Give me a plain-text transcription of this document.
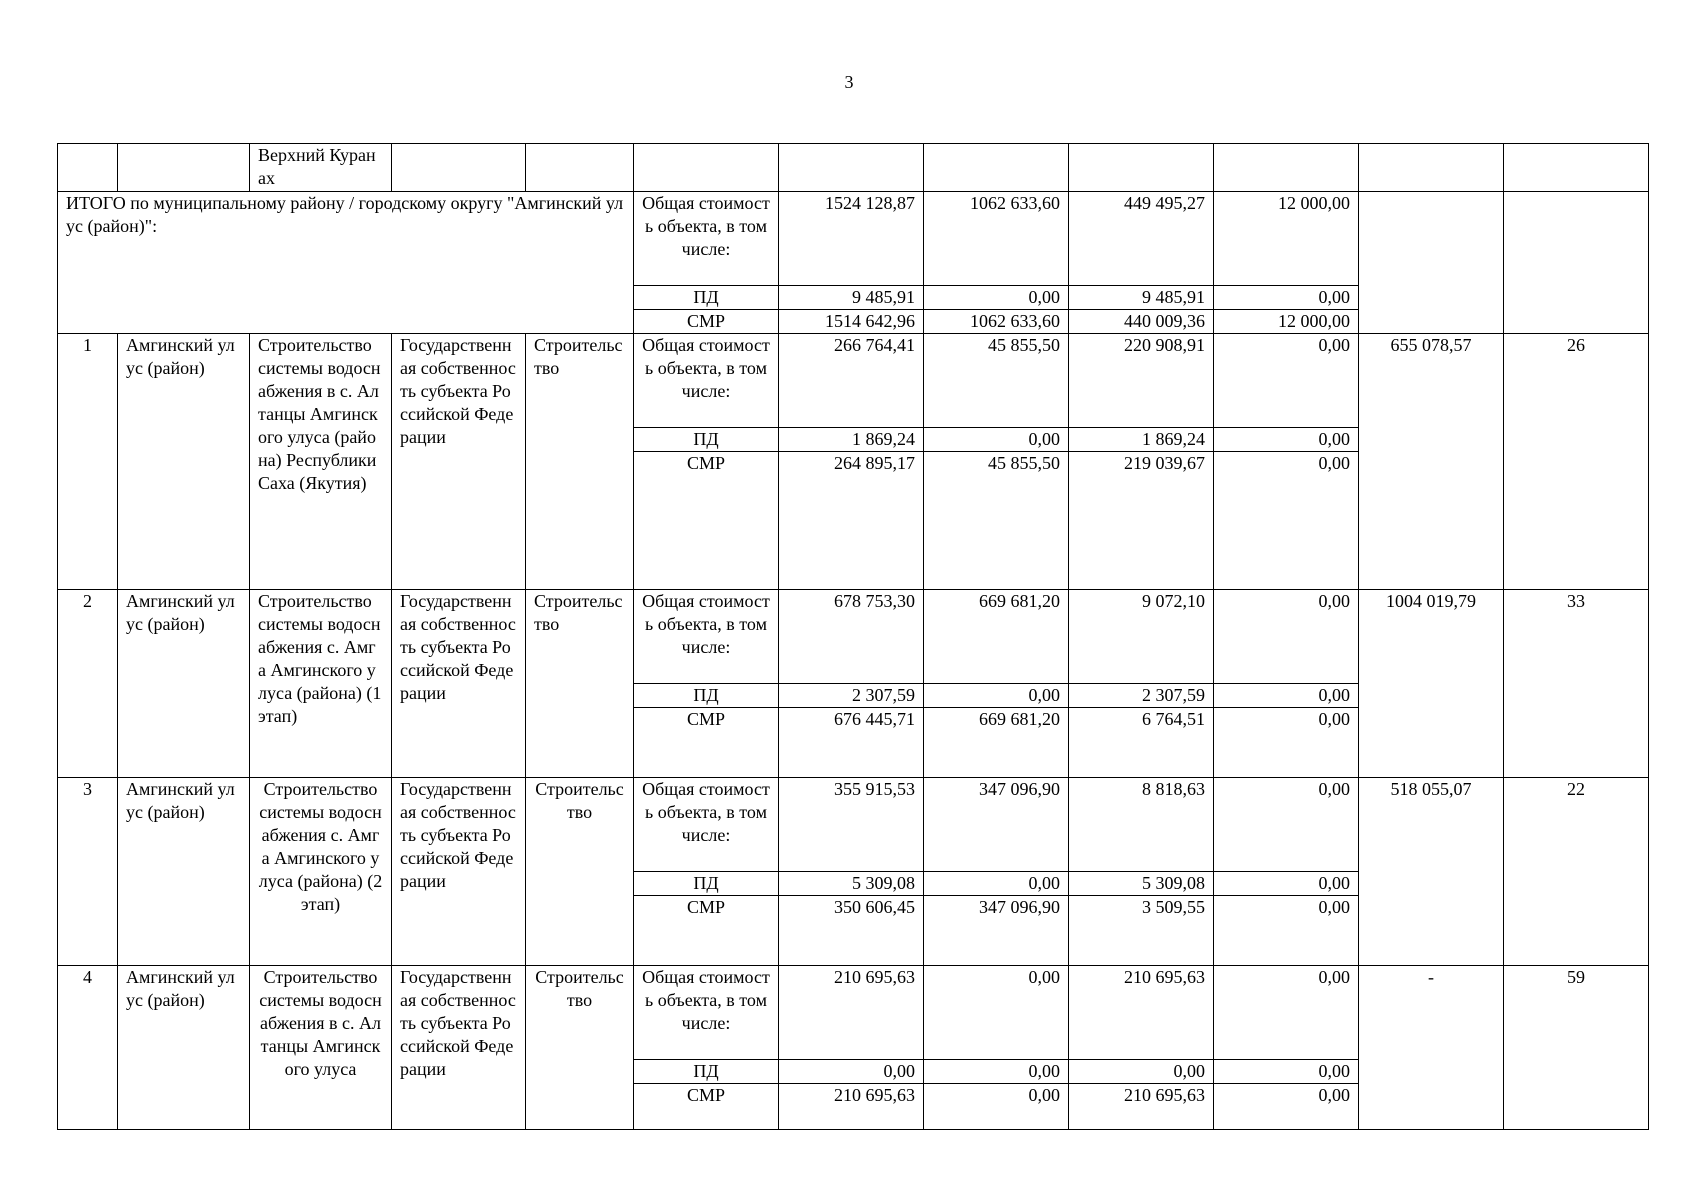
3
		Верхний Куранах									
ИТОГО по муниципальному району / городскому округу "Амгинский улус (район)":					Общая стоимость объекта, в том числе:	1524 128,87	1062 633,60	449 495,27	12 000,00		
					ПД	9 485,91	0,00	9 485,91	0,00		
					СМР	1514 642,96	1062 633,60	440 009,36	12 000,00		
1	Амгинский улус (район)	Строительство системы водоснабжения в с. Алтанцы Амгинского улуса (района) Республики Саха (Якутия)	Государственная собственность субъекта Российской Федерации	Строительство	Общая стоимость объекта, в том числе:	266 764,41	45 855,50	220 908,91	0,00	655 078,57	26
					ПД	1 869,24	0,00	1 869,24	0,00		
					СМР	264 895,17	45 855,50	219 039,67	0,00		
2	Амгинский улус (район)	Строительство системы водоснабжения с. Амга Амгинского улуса (района) (1 этап)	Государственная собственность субъекта Российской Федерации	Строительство	Общая стоимость объекта, в том числе:	678 753,30	669 681,20	9 072,10	0,00	1004 019,79	33
					ПД	2 307,59	0,00	2 307,59	0,00		
					СМР	676 445,71	669 681,20	6 764,51	0,00		
3	Амгинский улус (район)	Строительство системы водоснабжения с. Амга Амгинского улуса (района) (2 этап)	Государственная собственность субъекта Российской Федерации	Строительство	Общая стоимость объекта, в том числе:	355 915,53	347 096,90	8 818,63	0,00	518 055,07	22
					ПД	5 309,08	0,00	5 309,08	0,00		
					СМР	350 606,45	347 096,90	3 509,55	0,00		
4	Амгинский улус (район)	Строительство системы водоснабжения в с. Алтанцы Амгинского улуса	Государственная собственность субъекта Российской Федерации	Строительство	Общая стоимость объекта, в том числе:	210 695,63	0,00	210 695,63	0,00	-	59
					ПД	0,00	0,00	0,00	0,00		
					СМР	210 695,63	0,00	210 695,63	0,00		
